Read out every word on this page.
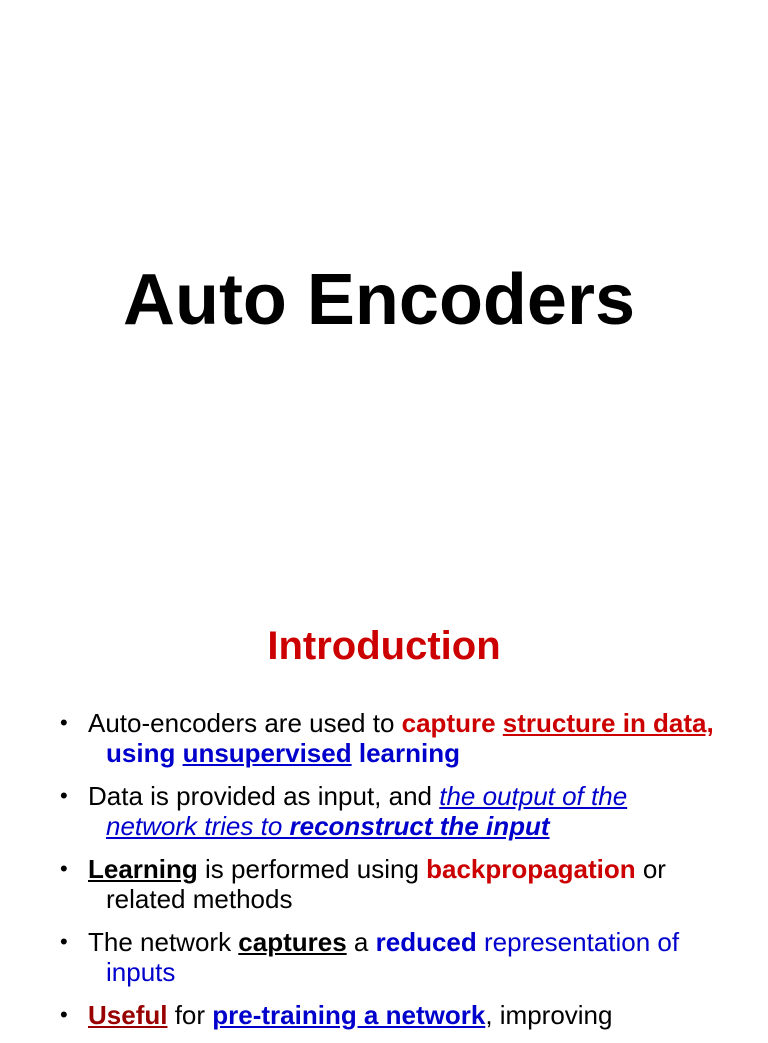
Auto Encoders
Introduction
• Auto-encoders are used to capture structure in data, using unsupervised learning
• Data is provided as input, and the output of the network tries to reconstruct the input
• Learning is performed using backpropagation or related methods
• The network captures a reduced representation of inputs
• Useful for pre-training a network, improving
